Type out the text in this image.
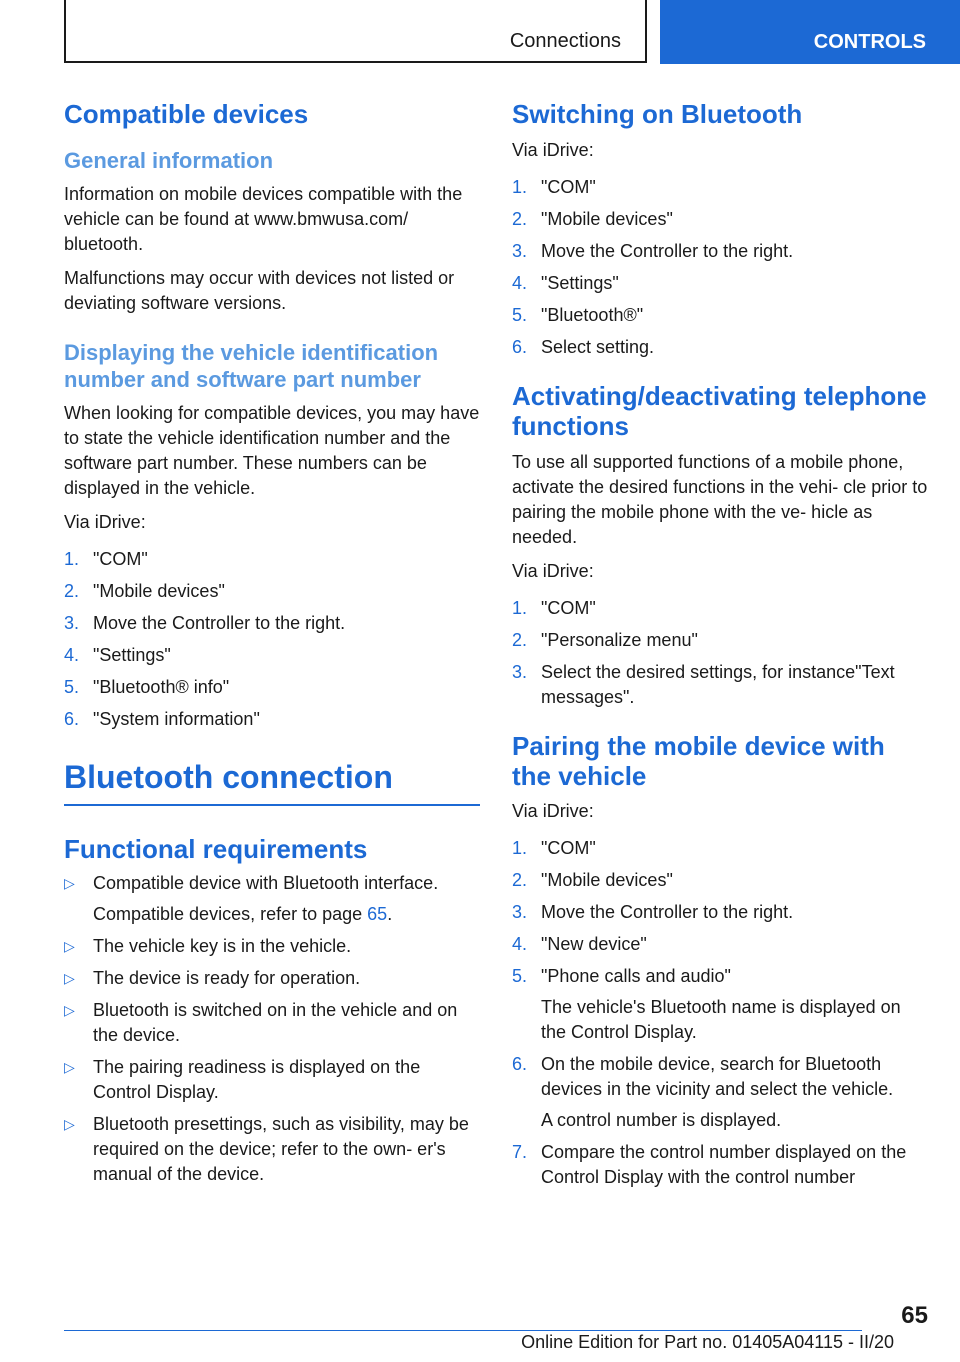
Connections	CONTROLS
Compatible devices
General information

Information on mobile devices compatible with the vehicle can be found at www.bmwusa.com/ bluetooth.

Malfunctions may occur with devices not listed or deviating software versions.

Displaying the vehicle identification number and software part number

When looking for compatible devices, you may have to state the vehicle identification number and the software part number. These numbers can be displayed in the vehicle.

Via iDrive:

1. "COM"
2. "Mobile devices"
3. Move the Controller to the right.
4. "Settings"
5. "Bluetooth® info"
6. "System information"
Bluetooth connection
Functional requirements
▷ Compatible device with Bluetooth interface.
Compatible devices, refer to page 65.
▷ The vehicle key is in the vehicle.
▷ The device is ready for operation.
▷ Bluetooth is switched on in the vehicle and on the device.
▷ The pairing readiness is displayed on the Control Display.
▷ Bluetooth presettings, such as visibility, may be required on the device; refer to the own‐ er's manual of the device.
Switching on Bluetooth

Via iDrive:

1. "COM"
2. "Mobile devices"
3. Move the Controller to the right.
4. "Settings"
5. "Bluetooth®"
6. Select setting.
Activating/deactivating telephone functions

To use all supported functions of a mobile phone, activate the desired functions in the vehi‐ cle prior to pairing the mobile phone with the ve‐ hicle as needed.

Via iDrive:

1. "COM"
2. "Personalize menu"
3. Select the desired settings, for instance"Text messages".
Pairing the mobile device with the vehicle

Via iDrive:

1. "COM"
2. "Mobile devices"
3. Move the Controller to the right.
4. "New device"
5. "Phone calls and audio"
The vehicle's Bluetooth name is displayed on the Control Display.
6. On the mobile device, search for Bluetooth devices in the vicinity and select the vehicle.
A control number is displayed.
7. Compare the control number displayed on the Control Display with the control number
65
Online Edition for Part no. 01405A04115 - II/20
